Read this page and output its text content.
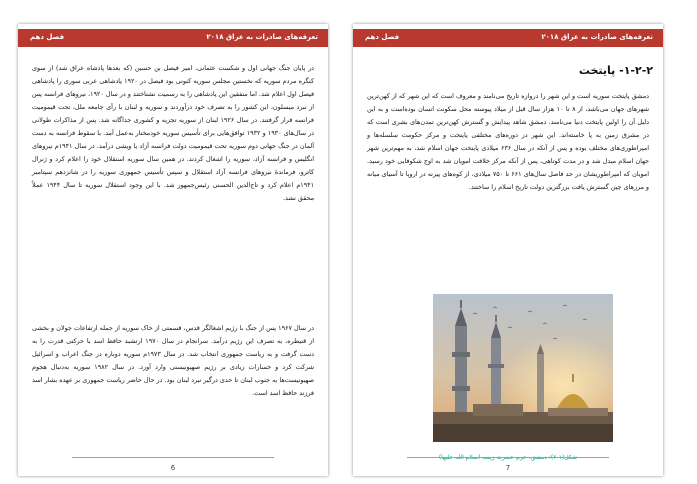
تعرفه‌های صادرات به عراق ۲۰۱۸
فصل دهم
در پایان جنگ جهانی اول و شکست عثمانی، امیر فیصل بن حسین (که بعدها پادشاه عراق شد) از سوی کنگره مردم سوریه که نخستین مجلس سوریه کنونی بود فیصل در ۱۹۲۰ پادشاهی عربی سوری را پادشاهی فیصل اول اعلام شد. اما متفقین این پادشاهی را به رسمیت نشناختند و در سال ۱۹۲۰، نیروهای فرانسه پس از نبرد میسلون، این کشور را به تصرف خود درآوردند و سوریه و لبنان با رأی جامعه ملل، تحت قیمومیت فرانسه قرار گرفتند. در سال ۱۹۲۶ لبنان از سوریه تجزیه و کشوری جداگانه شد. پس از مذاکرات طولانی در سال‌های ۱۹۳۰ و ۱۹۳۲ توافق‌هایی برای تأسیس سوریه خودمختار به‌عمل آمد. با سقوط فرانسه به دست آلمان در جنگ جهانی دوم سوریه تحت قیمومیت دولت فرانسه آزاد یا ویشی درآمد. در سال ۱۹۴۱م نیروهای انگلیس و فرانسه آزاد، سوریه را اشغال کردند. در همین سال سوریه استقلال خود را اعلام کرد و ژنرال کاترو، فرماندهٔ نیروهای فرانسه آزاد استقلال و سپس تأسیس جمهوری سوریه را در شانزدهم سپتامبر ۱۹۴۱م اعلام کرد و تاج‌الدین الحسنی رئیس‌جمهور شد. با این وجود استقلال سوریه تا سال ۱۹۴۴ عملاً محقق نشد.
در سال ۱۹۶۷ پس از جنگ با رژیم اشغالگر قدس، قسمتی از خاک سوریه از جمله ارتفاعات جولان و بخشی از قنیطره، به تصرف این رژیم درآمد. سرانجام در سال ۱۹۷۰ ارتشبد حافظ اسد با حرکتی قدرت را به دست گرفت و به ریاست جمهوری انتخاب شد. در سال ۱۹۷۳م سوریه دوباره در جنگ اعراب و اسرائیل شرکت کرد و خسارات زیادی بر رژیم صهیونیستی وارد آورد. در سال ۱۹۸۲ سوریه به‌دنبال هجوم صهیونیست‌ها به جنوب لبنان تا حدی درگیر نبرد لبنان بود. در حال حاضر ریاست جمهوری بر عهده بشار اسد فرزند حافظ اسد است.
6
تعرفه‌های صادرات به عراق ۲۰۱۸
فصل دهم
۱-۲-۲- پایتخت
دمشق پایتخت سوریه است و این شهر را دروازه تاریخ می‌نامند و معروف است که این شهر که از کهن‌ترین شهرهای جهان می‌باشد، از ۸ تا ۱۰ هزار سال قبل از میلاد پیوسته محل سکونت انسان بوده‌است و به این دلیل آن را اولین پایتخت دنیا می‌نامند. دمشق شاهد پیدایش و گسترش کهن‌ترین تمدن‌های بشری است که در مشرق زمین به پا خاسته‌اند. این شهر در دوره‌های مختلفی پایتخت و مرکز حکومت سلسله‌ها و امپراطوری‌های مختلف بوده و پس از آنکه در سال ۶۳۶ میلادی پایتخت جهان اسلام شد، به مهم‌ترین شهر جهان اسلام مبدل شد و در مدت کوتاهی، پس از آنکه مرکز خلافت امویان شد به اوج شکوفایی خود رسید. امویان که امپراطوریشان در حد فاصل سال‌های ۶۶۱ تا ۷۵۰ میلادی، از کوه‌های پیرنه در اروپا تا آسیای میانه و مرزهای چین گسترش یافت بزرگترین دولت تاریخ اسلام را ساختند.
شکل(۱-۲): دمشق، حرم حضرت زینب (سلام الله علیها)
7
